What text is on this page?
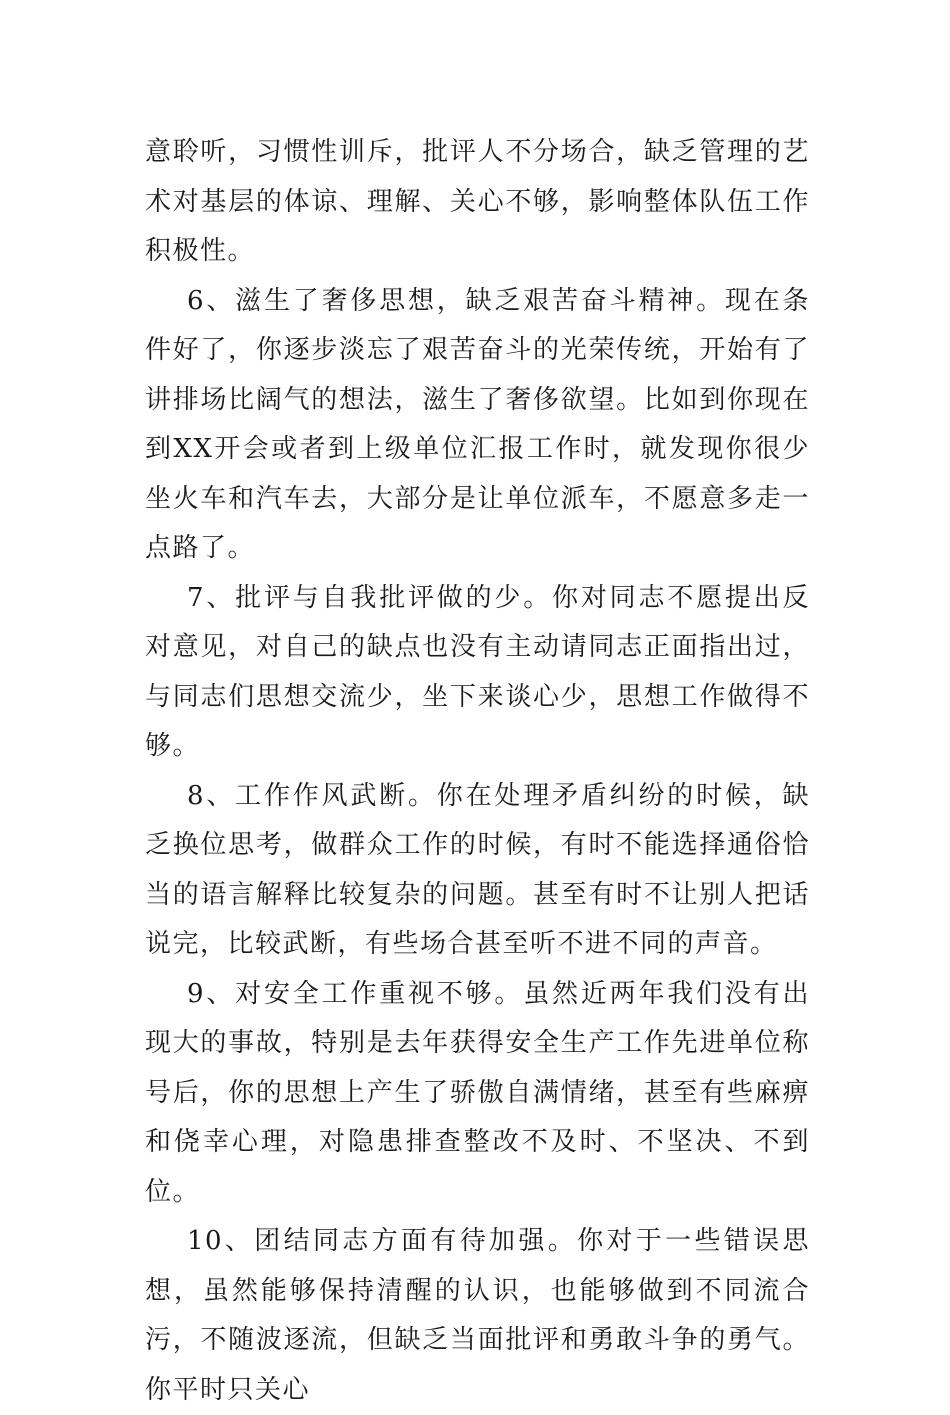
意聆听，习惯性训斥，批评人不分场合，缺乏管理的艺术对基层的体谅、理解、关心不够，影响整体队伍工作积极性。

6、滋生了奢侈思想，缺乏艰苦奋斗精神。现在条件好了，你逐步淡忘了艰苦奋斗的光荣传统，开始有了讲排场比阔气的想法，滋生了奢侈欲望。比如到你现在到XX开会或者到上级单位汇报工作时，就发现你很少坐火车和汽车去，大部分是让单位派车，不愿意多走一点路了。

7、批评与自我批评做的少。你对同志不愿提出反对意见，对自己的缺点也没有主动请同志正面指出过，与同志们思想交流少，坐下来谈心少，思想工作做得不够。

8、工作作风武断。你在处理矛盾纠纷的时候，缺乏换位思考，做群众工作的时候，有时不能选择通俗恰当的语言解释比较复杂的问题。甚至有时不让别人把话说完，比较武断，有些场合甚至听不进不同的声音。

9、对安全工作重视不够。虽然近两年我们没有出现大的事故，特别是去年获得安全生产工作先进单位称号后，你的思想上产生了骄傲自满情绪，甚至有些麻痹和侥幸心理，对隐患排查整改不及时、不坚决、不到位。

10、团结同志方面有待加强。你对于一些错误思想，虽然能够保持清醒的认识，也能够做到不同流合污，不随波逐流，但缺乏当面批评和勇敢斗争的勇气。你平时只关心
